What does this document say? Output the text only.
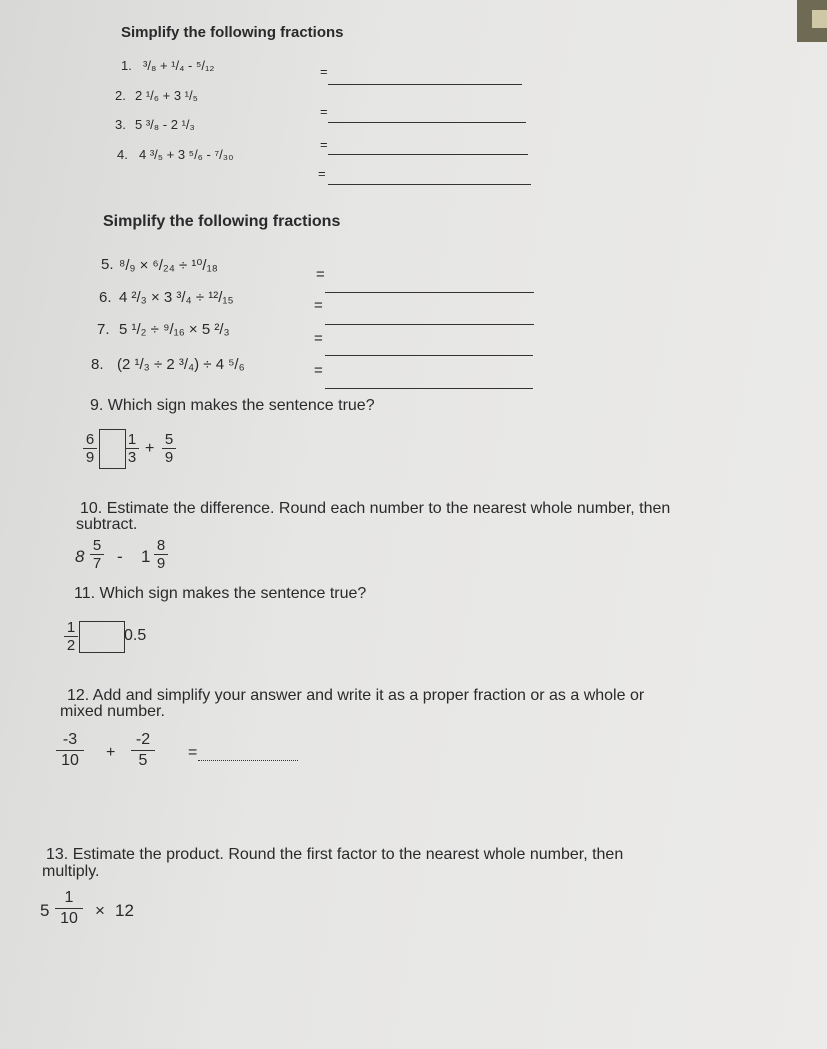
Simplify the following fractions
1. ³/₈ + ¹/₄ - ⁵/₁₂	=
2. 2 ¹/₆ + 3 ¹/₅
=
3. 5 ³/₈ - 2 ¹/₃
=
4. 4 ³/₅ + 3 ⁵/₆ - ⁷/₃₀
=
Simplify the following fractions
5. ⁸/₉ × ⁶/₂₄ ÷ ¹⁰/₁₈
=
6. 4 ²/₃ × 3 ³/₄ ÷ ¹²/₁₅	=
7. 5 ¹/₂ ÷ ⁹/₁₆ × 5 ²/₃
=
8. (2 ¹/₃ ÷ 2 ³/₄) ÷ 4 ⁵/₆	=
9. Which sign makes the sentence true?
6
9
1
3
+
5
9
10. Estimate the difference. Round each number to the nearest whole number, then
subtract.
8
5
7 - 1
8
9
11. Which sign makes the sentence true?
1
2
0.5
12. Add and simplify your answer and write it as a proper fraction or as a whole or
mixed number.
-3
10 +
-2
5	=
13. Estimate the product. Round the first factor to the nearest whole number, then
multiply.
5
1
10 × 12
